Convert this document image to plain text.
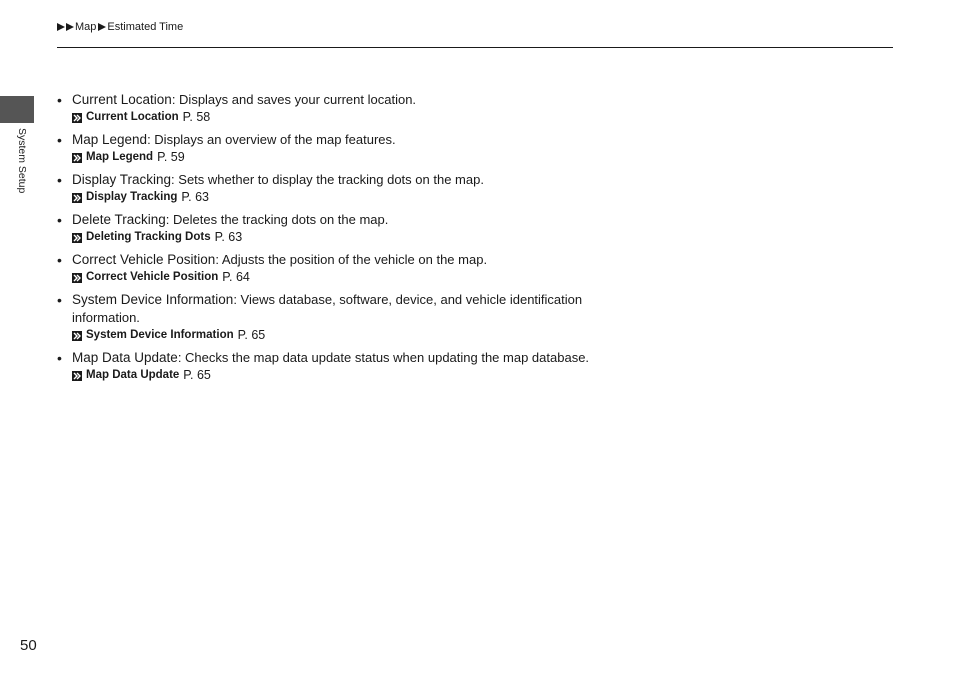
Map Estimated Time
System Setup
• Current Location: Displays and saves your current location.
Current Location P. 58
• Map Legend: Displays an overview of the map features.
Map Legend P. 59
• Display Tracking: Sets whether to display the tracking dots on the map.
Display Tracking P. 63
• Delete Tracking: Deletes the tracking dots on the map.
Deleting Tracking Dots P. 63
• Correct Vehicle Position: Adjusts the position of the vehicle on the map.
Correct Vehicle Position P. 64
• System Device Information: Views database, software, device, and vehicle identification information.
System Device Information P. 65
• Map Data Update: Checks the map data update status when updating the map database.
Map Data Update P. 65
50
